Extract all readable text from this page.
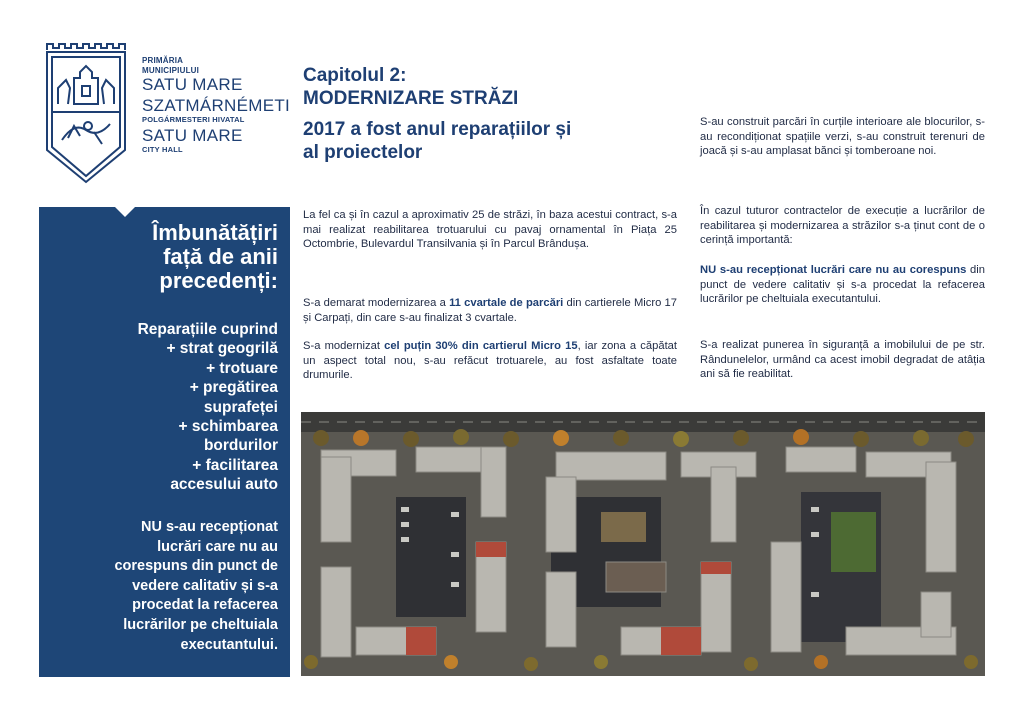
PRIMĂRIA
MUNICIPIULUI
SATU MARE
SZATMÁRNÉMETI
POLGÁRMESTERI HIVATAL
SATU MARE
CITY HALL
Îmbunătățiri
față de anii
precedenți:
Reparațiile cuprind
+ strat geogrilă
+ trotuare
+ pregătirea
suprafeței
+ schimbarea
bordurilor
+ facilitarea
accesului auto
NU s-au recepționat
lucrări care nu au
corespuns din punct de
vedere calitativ și s-a
procedat la refacerea
lucrărilor pe cheltuiala
executantului.
Capitolul 2:
MODERNIZARE STRĂZI
2017 a fost anul reparațiilor și
al proiectelor
La fel ca și în cazul a aproximativ 25 de străzi, în baza acestui contract, s-a mai realizat reabilitarea trotuarului cu pavaj ornamental în Piața 25 Octombrie, Bulevardul Transilvania și în Parcul Brândușa.
S-a demarat modernizarea a 11 cvartale de parcări din cartierele Micro 17 și Carpați, din care s-au finalizat 3 cvartale.
S-a modernizat cel puțin 30% din cartierul Micro 15, iar zona a căpătat un aspect total nou, s-au refăcut trotuarele, au fost asfaltate toate drumurile.
S-au construit parcări în curțile interioare ale blocurilor, s-au recondiționat spațiile verzi, s-au construit terenuri de joacă și s-au amplasat bănci și tomberoane noi.
În cazul tuturor contractelor de execuție a lucrărilor de reabilitarea și modernizarea a străzilor s-a ținut cont de o cerință importantă:
NU s-au recepționat lucrări care nu au corespuns din punct de vedere calitativ și s-a procedat la refacerea lucrărilor pe cheltuiala executantului.
S-a realizat punerea în siguranță a imobilului de pe str. Rândunelelor, urmând ca acest imobil degradat de atâția ani să fie reabilitat.
